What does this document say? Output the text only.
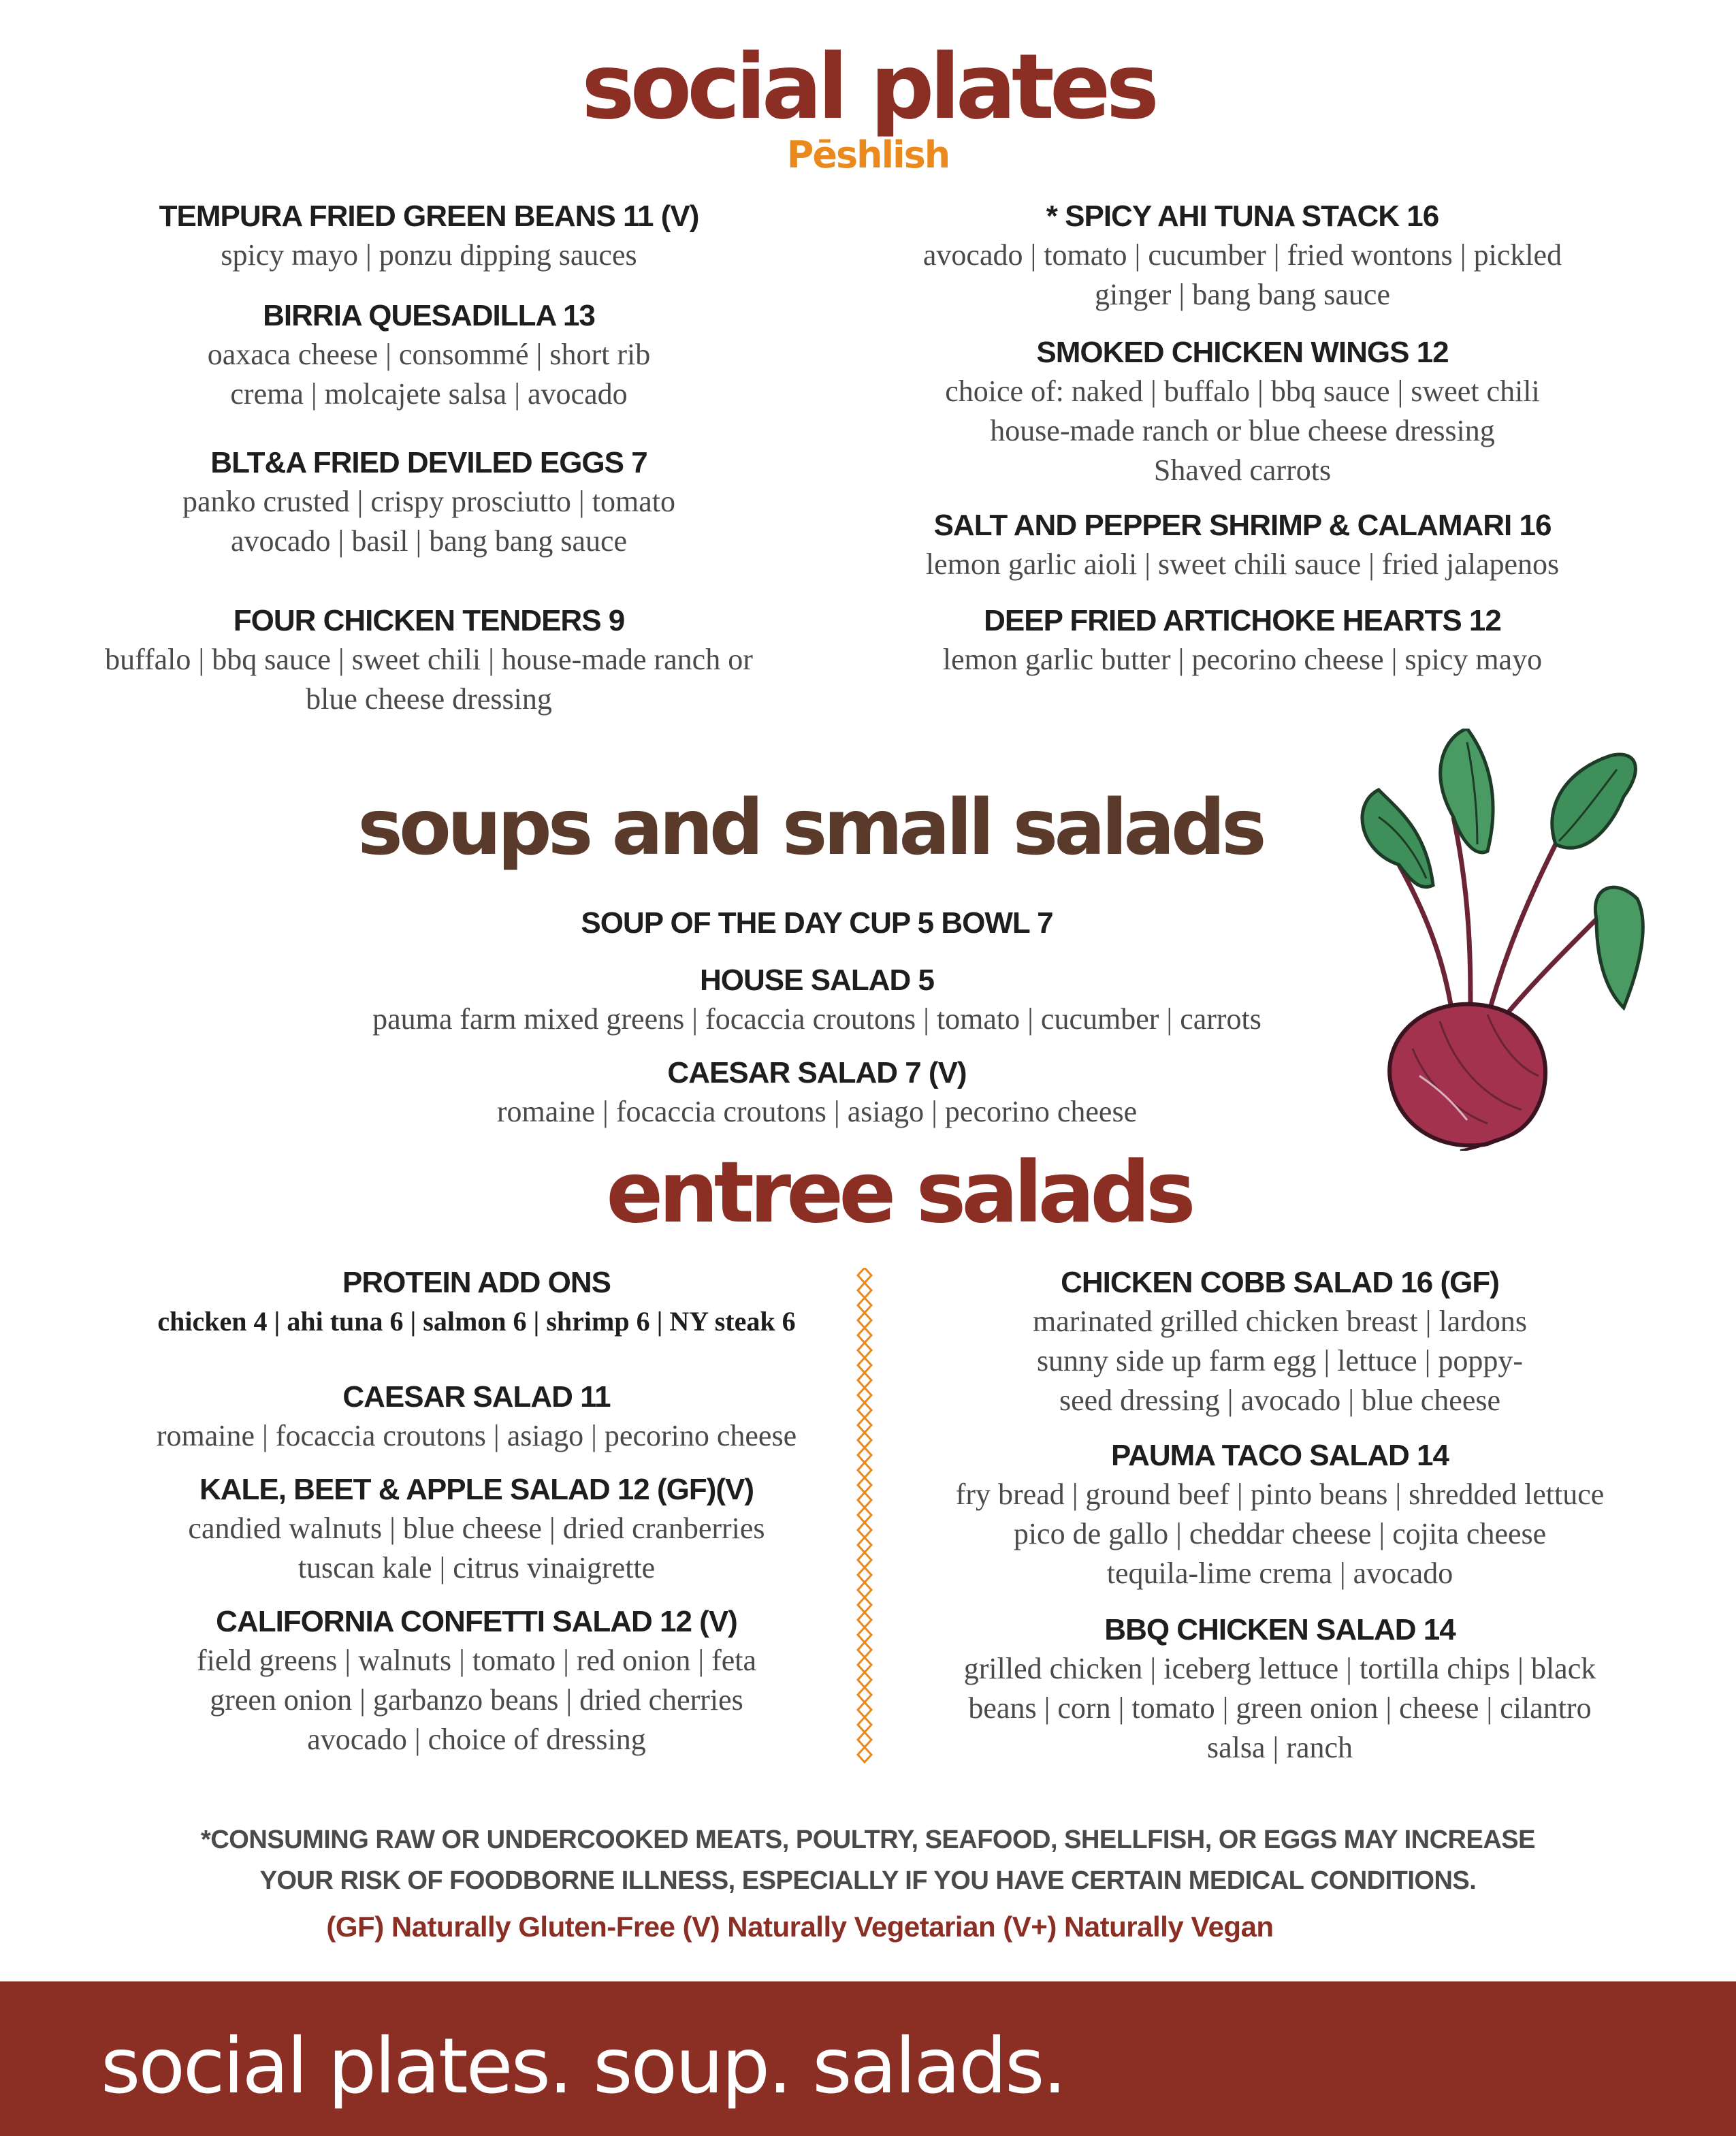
social plates
Pēshlish
TEMPURA FRIED GREEN BEANS 11 (V)
spicy mayo | ponzu dipping sauces
BIRRIA QUESADILLA 13
oaxaca cheese | consommé | short rib
crema | molcajete salsa | avocado
BLT&A FRIED DEVILED EGGS 7
panko crusted | crispy prosciutto | tomato
avocado | basil | bang bang sauce
FOUR CHICKEN TENDERS 9
buffalo | bbq sauce | sweet chili | house-made ranch or
blue cheese dressing
* SPICY AHI TUNA STACK 16
avocado | tomato | cucumber | fried wontons | pickled
ginger | bang bang sauce
SMOKED CHICKEN WINGS 12
choice of: naked | buffalo | bbq sauce | sweet chili
house-made ranch or blue cheese dressing
Shaved carrots
SALT AND PEPPER SHRIMP & CALAMARI 16
lemon garlic aioli | sweet chili sauce | fried jalapenos
DEEP FRIED ARTICHOKE HEARTS 12
lemon garlic butter | pecorino cheese | spicy mayo
soups and small salads
SOUP OF THE DAY CUP 5 BOWL 7
HOUSE SALAD 5
pauma farm mixed greens | focaccia croutons | tomato | cucumber | carrots
CAESAR SALAD 7 (V)
romaine | focaccia croutons | asiago | pecorino cheese
entree salads
PROTEIN ADD ONS
chicken 4 | ahi tuna 6 | salmon 6 | shrimp 6 | NY steak 6
CAESAR SALAD 11
romaine | focaccia croutons | asiago | pecorino cheese
KALE, BEET & APPLE SALAD 12 (GF)(V)
candied walnuts | blue cheese | dried cranberries
tuscan kale | citrus vinaigrette
CALIFORNIA CONFETTI SALAD 12 (V)
field greens | walnuts | tomato | red onion | feta
green onion | garbanzo beans | dried cherries
avocado | choice of dressing
CHICKEN COBB SALAD 16 (GF)
marinated grilled chicken breast | lardons
sunny side up farm egg | lettuce | poppy-
seed dressing | avocado | blue cheese
PAUMA TACO SALAD 14
fry bread | ground beef | pinto beans | shredded lettuce
pico de gallo | cheddar cheese | cojita cheese
tequila-lime crema | avocado
BBQ CHICKEN SALAD 14
grilled chicken | iceberg lettuce | tortilla chips | black
beans | corn | tomato | green onion | cheese | cilantro
salsa | ranch
*CONSUMING RAW OR UNDERCOOKED MEATS, POULTRY, SEAFOOD, SHELLFISH, OR EGGS MAY INCREASE
YOUR RISK OF FOODBORNE ILLNESS, ESPECIALLY IF YOU HAVE CERTAIN MEDICAL CONDITIONS.
(GF) Naturally Gluten-Free (V) Naturally Vegetarian (V+) Naturally Vegan
social plates. soup. salads.
